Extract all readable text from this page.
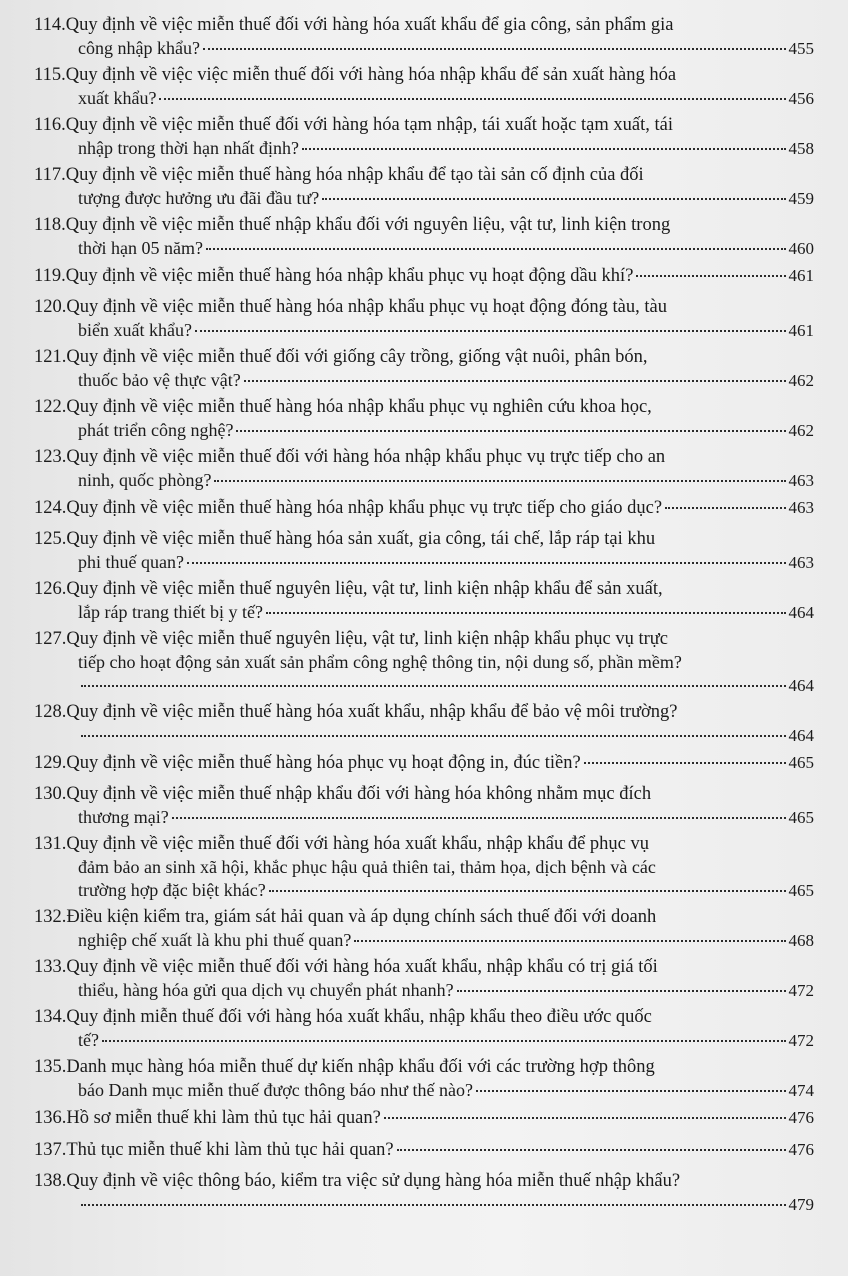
114. Quy định về việc miễn thuế đối với hàng hóa xuất khẩu để gia công, sản phẩm gia
công nhập khẩu?	455
115. Quy định về việc việc miễn thuế đối với hàng hóa nhập khẩu để sản xuất hàng hóa
xuất khẩu?	456
116. Quy định về việc miễn thuế đối với hàng hóa tạm nhập, tái xuất hoặc tạm xuất, tái
nhập trong thời hạn nhất định?	458
117. Quy định về việc miễn thuế hàng hóa nhập khẩu để tạo tài sản cố định của đối
tượng được hưởng ưu đãi đầu tư?	459
118. Quy định về việc miễn thuế nhập khẩu đối với nguyên liệu, vật tư, linh kiện trong
thời hạn 05 năm?	460
119. Quy định về việc miễn thuế hàng hóa nhập khẩu phục vụ hoạt động dầu khí?	461
120. Quy định về việc miễn thuế hàng hóa nhập khẩu phục vụ hoạt động đóng tàu, tàu
biển xuất khẩu?	461
121. Quy định về việc miễn thuế đối với giống cây trồng, giống vật nuôi, phân bón,
thuốc bảo vệ thực vật?	462
122. Quy định về việc miễn thuế hàng hóa nhập khẩu phục vụ nghiên cứu khoa học,
phát triển công nghệ?	462
123. Quy định về việc miễn thuế đối với hàng hóa nhập khẩu phục vụ trực tiếp cho an
ninh, quốc phòng?	463
124. Quy định về việc miễn thuế hàng hóa nhập khẩu phục vụ trực tiếp cho giáo dục?	463
125. Quy định về việc miễn thuế hàng hóa sản xuất, gia công, tái chế, lắp ráp tại khu
phi thuế quan?	463
126. Quy định về việc miễn thuế nguyên liệu, vật tư, linh kiện nhập khẩu để sản xuất,
lắp ráp trang thiết bị y tế?	464
127. Quy định về việc miễn thuế nguyên liệu, vật tư, linh kiện nhập khẩu phục vụ trực
tiếp cho hoạt động sản xuất sản phẩm công nghệ thông tin, nội dung số, phần mềm?
464
128. Quy định về việc miễn thuế hàng hóa xuất khẩu, nhập khẩu để bảo vệ môi trường?
464
129. Quy định về việc miễn thuế hàng hóa phục vụ hoạt động in, đúc tiền?	465
130. Quy định về việc miễn thuế nhập khẩu đối với hàng hóa không nhằm mục đích
thương mại?	465
131. Quy định về việc miễn thuế đối với hàng hóa xuất khẩu, nhập khẩu để phục vụ
đảm bảo an sinh xã hội, khắc phục hậu quả thiên tai, thảm họa, dịch bệnh và các
trường hợp đặc biệt khác?	465
132. Điều kiện kiểm tra, giám sát hải quan và áp dụng chính sách thuế đối với doanh
nghiệp chế xuất là khu phi thuế quan?	468
133. Quy định về việc miễn thuế đối với hàng hóa xuất khẩu, nhập khẩu có trị giá tối
thiểu, hàng hóa gửi qua dịch vụ chuyển phát nhanh?	472
134. Quy định miễn thuế đối với hàng hóa xuất khẩu, nhập khẩu theo điều ước quốc
tế?	472
135. Danh mục hàng hóa miễn thuế dự kiến nhập khẩu đối với các trường hợp thông
báo Danh mục miễn thuế được thông báo như thế nào?	474
136. Hồ sơ miễn thuế khi làm thủ tục hải quan?	476
137. Thủ tục miễn thuế khi làm thủ tục hải quan?	476
138. Quy định về việc thông báo, kiểm tra việc sử dụng hàng hóa miễn thuế nhập khẩu?
479
